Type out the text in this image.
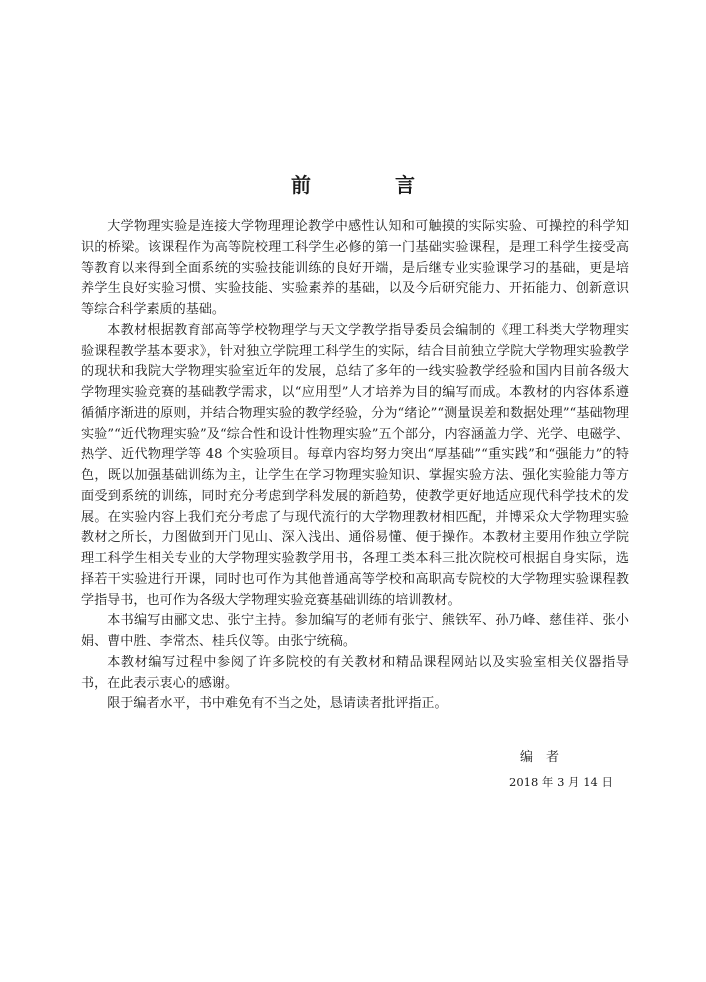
前　言

大学物理实验是连接大学物理理论教学中感性认知和可触摸的实际实验、可操控的科学知识的桥梁。该课程作为高等院校理工科学生必修的第一门基础实验课程，是理工科学生接受高等教育以来得到全面系统的实验技能训练的良好开端，是后继专业实验课学习的基础，更是培养学生良好实验习惯、实验技能、实验素养的基础，以及今后研究能力、开拓能力、创新意识等综合科学素质的基础。

本教材根据教育部高等学校物理学与天文学教学指导委员会编制的《理工科类大学物理实验课程教学基本要求》，针对独立学院理工科学生的实际，结合目前独立学院大学物理实验教学的现状和我院大学物理实验室近年的发展，总结了多年的一线实验教学经验和国内目前各级大学物理实验竞赛的基础教学需求，以“应用型”人才培养为目的编写而成。本教材的内容体系遵循循序渐进的原则，并结合物理实验的教学经验，分为“绪论”“测量误差和数据处理”“基础物理实验”“近代物理实验”及“综合性和设计性物理实验”五个部分，内容涵盖力学、光学、电磁学、热学、近代物理学等 48 个实验项目。每章内容均努力突出“厚基础”“重实践”和“强能力”的特色，既以加强基础训练为主，让学生在学习物理实验知识、掌握实验方法、强化实验能力等方面受到系统的训练，同时充分考虑到学科发展的新趋势，使教学更好地适应现代科学技术的发展。在实验内容上我们充分考虑了与现代流行的大学物理教材相匹配，并博采众大学物理实验教材之所长，力图做到开门见山、深入浅出、通俗易懂、便于操作。本教材主要用作独立学院理工科学生相关专业的大学物理实验教学用书，各理工类本科三批次院校可根据自身实际，选择若干实验进行开课，同时也可作为其他普通高等学校和高职高专院校的大学物理实验课程教学指导书，也可作为各级大学物理实验竞赛基础训练的培训教材。

本书编写由郦文忠、张宁主持。参加编写的老师有张宁、熊铁军、孙乃峰、慈佳祥、张小娟、曹中胜、李常杰、桂兵仪等。由张宁统稿。

本教材编写过程中参阅了许多院校的有关教材和精品课程网站以及实验室相关仪器指导书，在此表示衷心的感谢。

限于编者水平，书中难免有不当之处，恳请读者批评指正。

编者
2018 年 3 月 14 日
